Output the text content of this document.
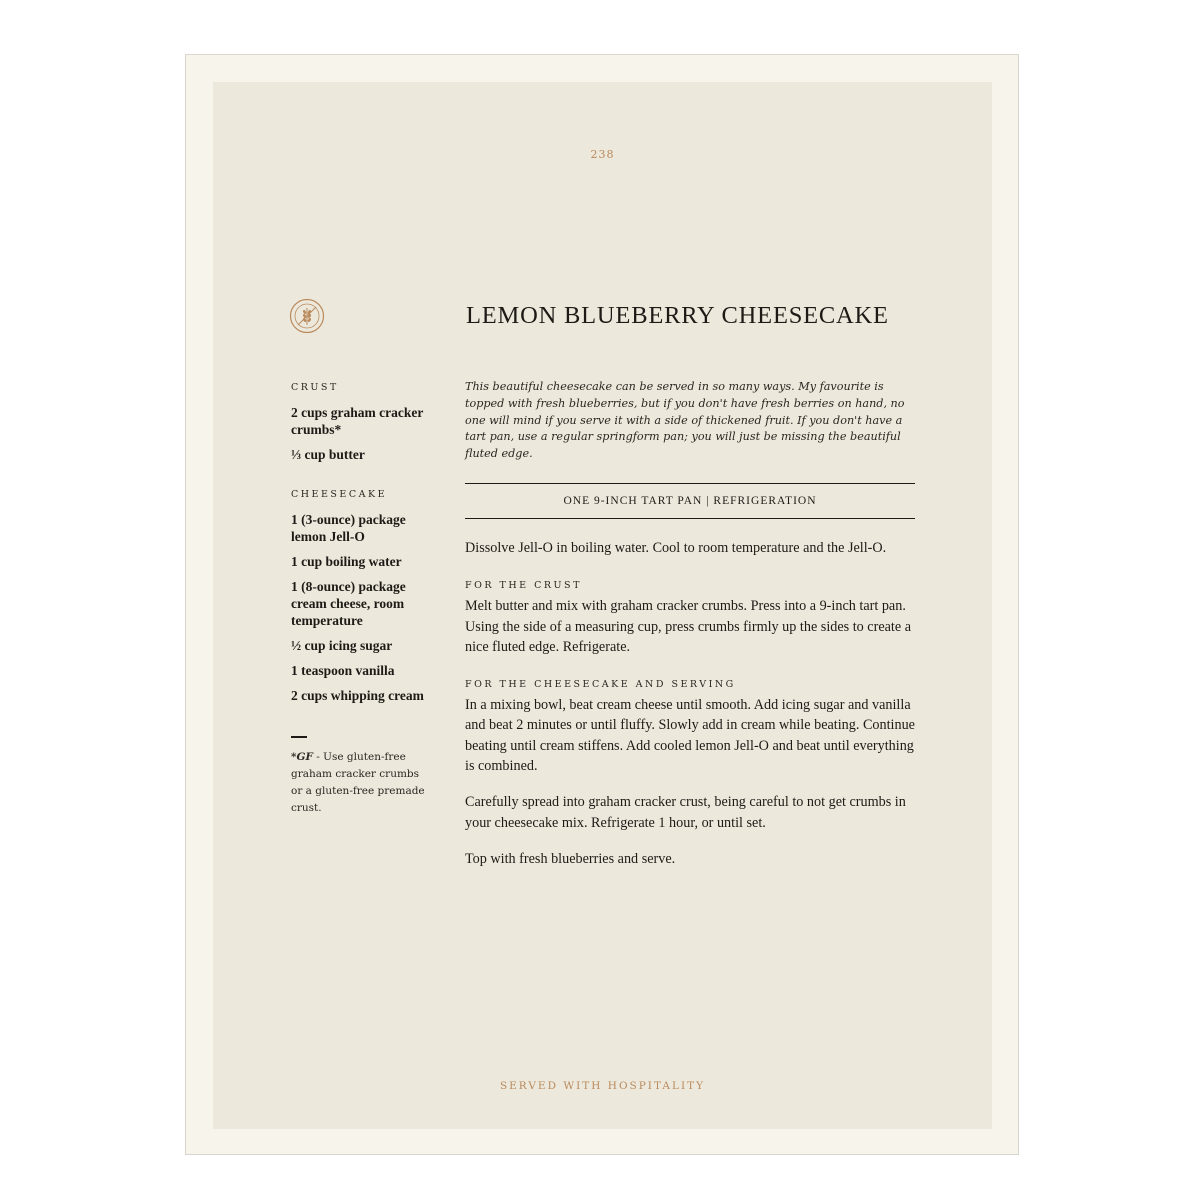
238
LEMON BLUEBERRY CHEESECAKE
CRUST
2 cups graham cracker crumbs*
⅓ cup butter
CHEESECAKE
1 (3-ounce) package lemon Jell-O
1 cup boiling water
1 (8-ounce) package cream cheese, room temperature
½ cup icing sugar
1 teaspoon vanilla
2 cups whipping cream
*GF - Use gluten-free graham cracker crumbs or a gluten-free premade crust.

This beautiful cheesecake can be served in so many ways. My favourite is topped with fresh blueberries, but if you don't have fresh berries on hand, no one will mind if you serve it with a side of thickened fruit. If you don't have a tart pan, use a regular springform pan; you will just be missing the beautiful fluted edge.

ONE 9-INCH TART PAN | REFRIGERATION

Dissolve Jell-O in boiling water. Cool to room temperature and the Jell-O.

FOR THE CRUST

Melt butter and mix with graham cracker crumbs. Press into a 9-inch tart pan. Using the side of a measuring cup, press crumbs firmly up the sides to create a nice fluted edge. Refrigerate.

FOR THE CHEESECAKE AND SERVING

In a mixing bowl, beat cream cheese until smooth. Add icing sugar and vanilla and beat 2 minutes or until fluffy. Slowly add in cream while beating. Continue beating until cream stiffens. Add cooled lemon Jell-O and beat until everything is combined.

Carefully spread into graham cracker crust, being careful to not get crumbs in your cheesecake mix. Refrigerate 1 hour, or until set.

Top with fresh blueberries and serve.

SERVED WITH HOSPITALITY
